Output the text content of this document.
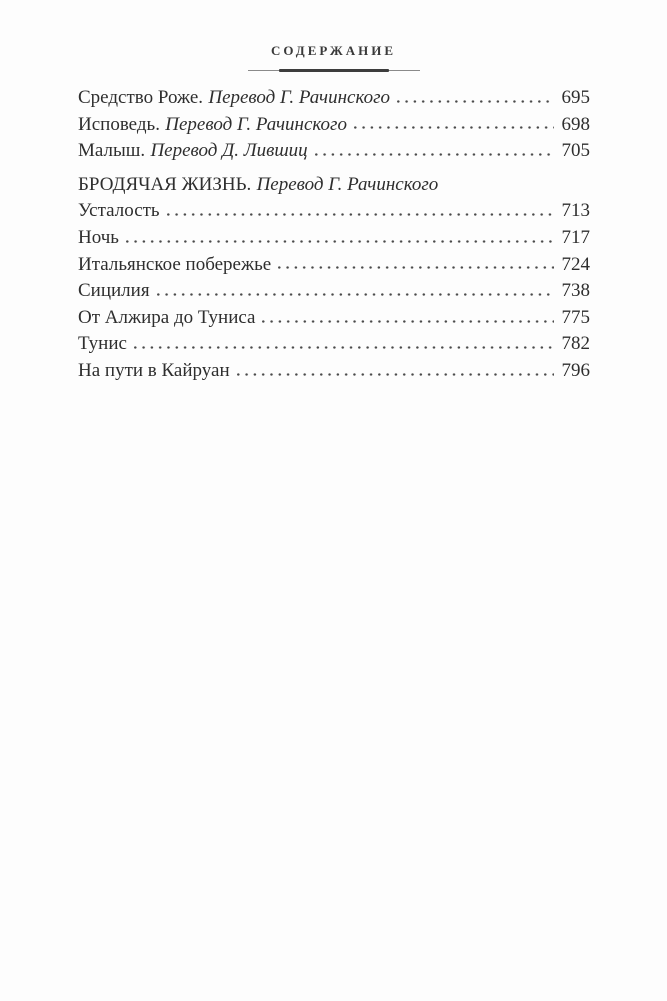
СОДЕРЖАНИЕ
Средство Роже. Перевод Г. Рачинского	695
Исповедь. Перевод Г. Рачинского	698
Малыш. Перевод Д. Лившиц	705
БРОДЯЧАЯ ЖИЗНЬ. Перевод Г. Рачинского
Усталость	713
Ночь	717
Итальянское побережье	724
Сицилия	738
От Алжира до Туниса	775
Тунис	782
На пути в Кайруан	796
